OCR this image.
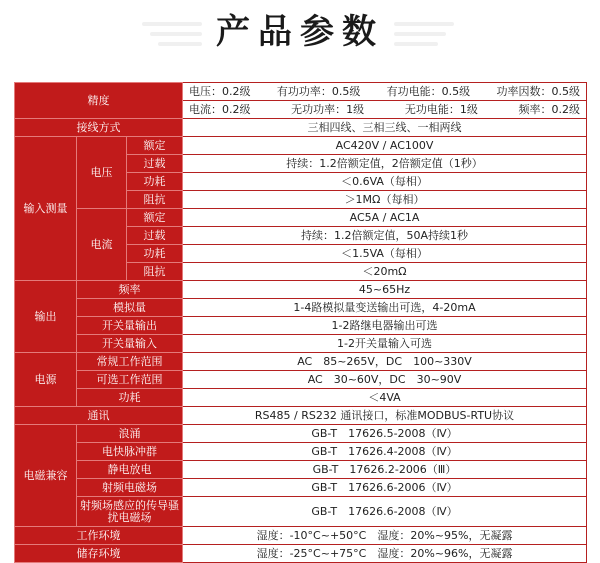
产品参数
精度			电压：0.2级 有功功率：0.5级 有功电能：0.5级 功率因数：0.5级

			电流：0.2级 无功功率：1级 无功电能：1级 频率：0.2级

接线方式			三相四线、三相三线、一相两线
输入测量	电压	额定	AC420V / AC100V
		过载	持续：1.2倍额定值，2倍额定值（1秒）
		功耗	＜0.6VA（每相）
		阻抗	＞1MΩ（每相）
	电流	额定	AC5A / AC1A
		过载	持续：1.2倍额定值，50A持续1秒
		功耗	＜1.5VA（每相）
		阻抗	＜20mΩ
输出	频率		45~65Hz
	模拟量		1-4路模拟量变送输出可选，4-20mA
	开关量输出		1-2路继电器输出可选
	开关量输入		1-2开关量输入可选
电源	常规工作范围		AC　85~265V，DC　100~330V
	可选工作范围		AC　30~60V，DC　30~90V
	功耗		＜4VA
通讯			RS485 / RS232 通讯接口，标准MODBUS-RTU协议
电磁兼容	浪涌		GB-T　17626.5-2008（Ⅳ）
	电快脉冲群		GB-T　17626.4-2008（Ⅳ）
	静电放电		GB-T　17626.2-2006（Ⅲ）
	射频电磁场		GB-T　17626.6-2006（Ⅳ）
	射频场感应的传导骚扰电磁场		GB-T　17626.6-2008（Ⅳ）
工作环境			湿度：-10°C~+50°C　湿度：20%~95%，无凝露
储存环境			湿度：-25°C~+75°C　湿度：20%~96%，无凝露
